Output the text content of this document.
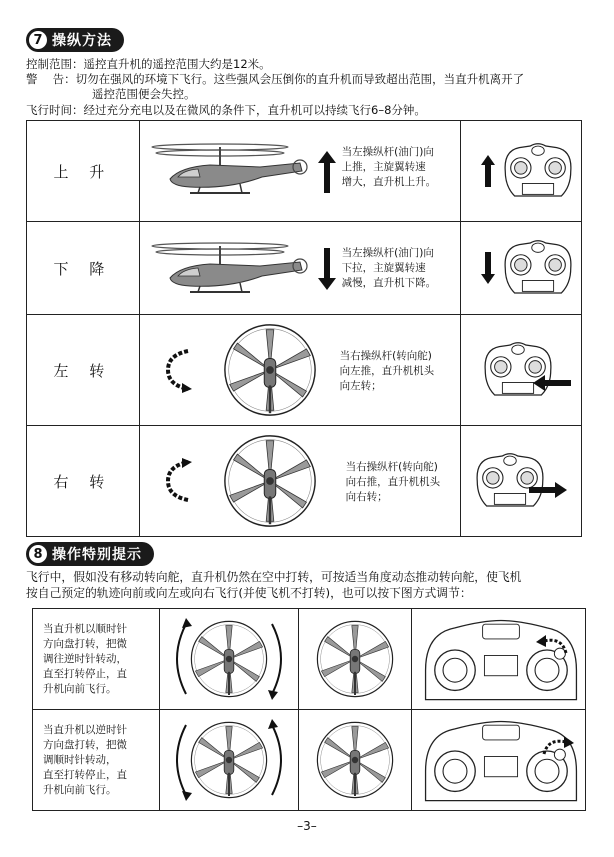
7 操纵方法
控制范围：遥控直升机的遥控范围大约是12米。
警　 告：切勿在强风的环境下飞行。这些强风会压倒你的直升机而导致超出范围，当直升机离开了
遥控范围便会失控。
飞行时间：经过充分充电以及在微风的条件下，直升机可以持续飞行6–8分钟。
上 升	当左操纵杆(油门)向
上推，主旋翼转速
增大，直升机上升。

下 降	当左操纵杆(油门)向
下拉，主旋翼转速
减慢，直升机下降。

左 转	当右操纵杆(转向舵)
向左推，直升机机头
向左转；

右 转	当右操纵杆(转向舵)
向右推，直升机机头
向右转；

8 操作特别提示
飞行中，假如没有移动转向舵，直升机仍然在空中打转，可按适当角度动态推动转向舵，使飞机
按自己预定的轨迹向前或向左或向右飞行(并使飞机不打转)，也可以按下图方式调节：
当直升机以顺时针
方向盘打转，把微
调往逆时针转动，
直至打转停止，直
升机向前飞行。

当直升机以逆时针
方向盘打转，把微
调顺时针转动，
直至打转停止，直
升机向前飞行。

–3–
